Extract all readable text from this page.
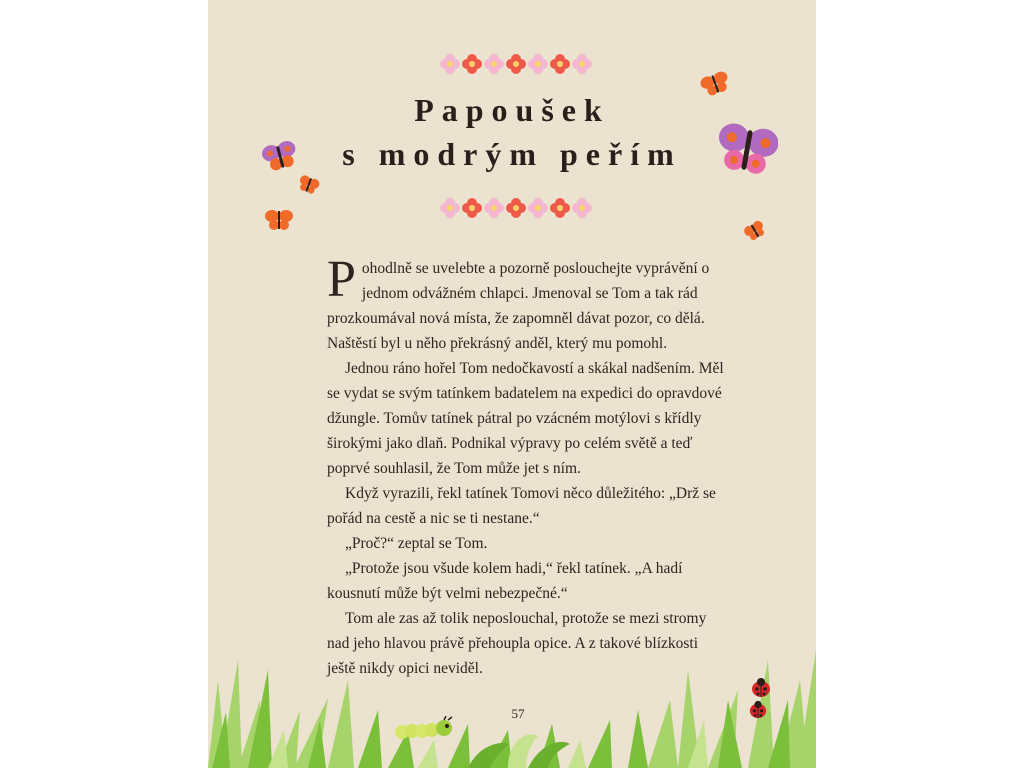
Papoušek
s modrým peřím

Pohodlně se uvelebte a pozorně poslouchejte vyprávění o jednom odvážném chlapci. Jmenoval se Tom a tak rád prozkoumával nová místa, že zapomněl dávat pozor, co dělá. Naštěstí byl u něho překrásný anděl, který mu pomohl.

Jednou ráno hořel Tom nedočkavostí a skákal nadšením. Měl se vydat se svým tatínkem badatelem na expedici do opravdové džungle. Tomův tatínek pátral po vzácném motýlovi s křídly širokými jako dlaň. Podnikal výpravy po celém světě a teď poprvé souhlasil, že Tom může jet s ním.

Když vyrazili, řekl tatínek Tomovi něco důležitého: „Drž se pořád na cestě a nic se ti nestane.“

„Proč?“ zeptal se Tom.

„Protože jsou všude kolem hadi,“ řekl tatínek. „A hadí kousnutí může být velmi nebezpečné.“

Tom ale zas až tolik neposlouchal, protože se mezi stromy nad jeho hlavou právě přehoupla opice. A z takové blízkosti ještě nikdy opici neviděl.

57
